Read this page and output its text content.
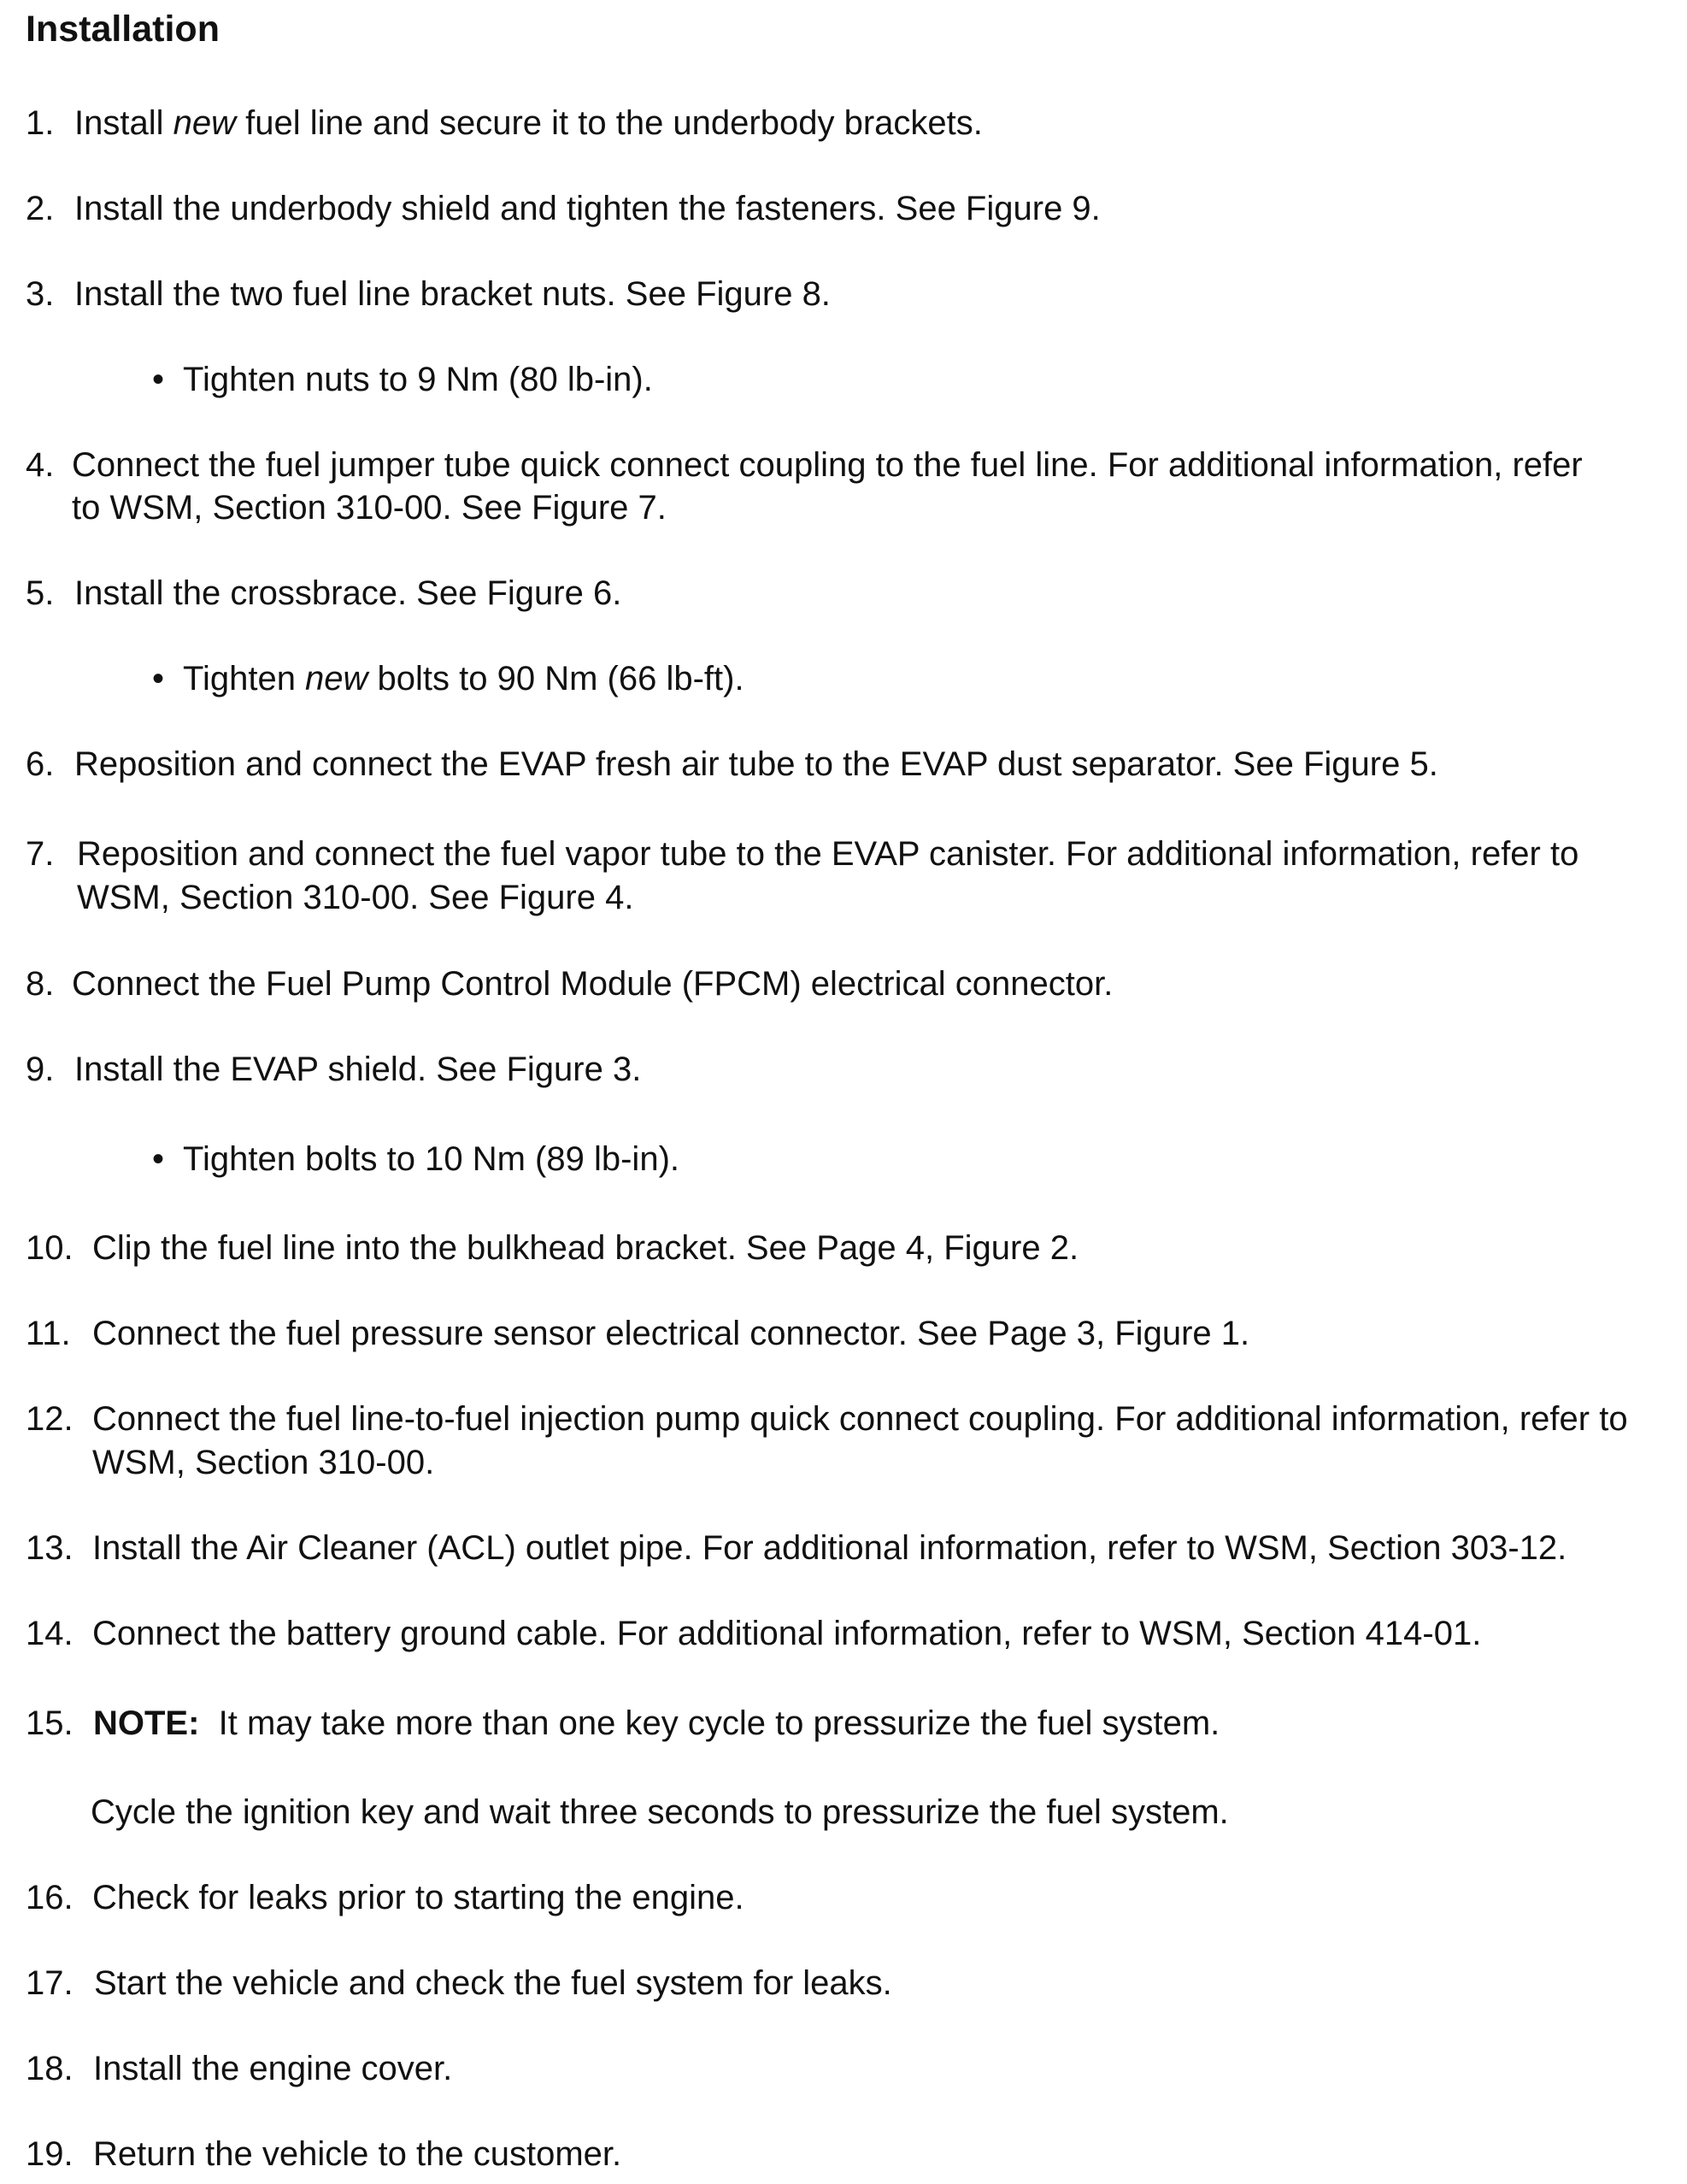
Installation
1. Install new fuel line and secure it to the underbody brackets.
2. Install the underbody shield and tighten the fasteners. See Figure 9.
3. Install the two fuel line bracket nuts. See Figure 8.
• Tighten nuts to 9 Nm (80 lb-in).
4. Connect the fuel jumper tube quick connect coupling to the fuel line. For additional information, refer
to WSM, Section 310-00. See Figure 7.
5. Install the crossbrace. See Figure 6.
• Tighten new bolts to 90 Nm (66 lb-ft).
6. Reposition and connect the EVAP fresh air tube to the EVAP dust separator. See Figure 5.
7. Reposition and connect the fuel vapor tube to the EVAP canister. For additional information, refer to
WSM, Section 310-00. See Figure 4.
8. Connect the Fuel Pump Control Module (FPCM) electrical connector.
9. Install the EVAP shield. See Figure 3.
• Tighten bolts to 10 Nm (89 lb-in).
10. Clip the fuel line into the bulkhead bracket. See Page 4, Figure 2.
11. Connect the fuel pressure sensor electrical connector. See Page 3, Figure 1.
12. Connect the fuel line-to-fuel injection pump quick connect coupling. For additional information, refer to
WSM, Section 310-00.
13. Install the Air Cleaner (ACL) outlet pipe. For additional information, refer to WSM, Section 303-12.
14. Connect the battery ground cable. For additional information, refer to WSM, Section 414-01.
15. NOTE:  It may take more than one key cycle to pressurize the fuel system.
Cycle the ignition key and wait three seconds to pressurize the fuel system.
16. Check for leaks prior to starting the engine.
17. Start the vehicle and check the fuel system for leaks.
18. Install the engine cover.
19. Return the vehicle to the customer.
